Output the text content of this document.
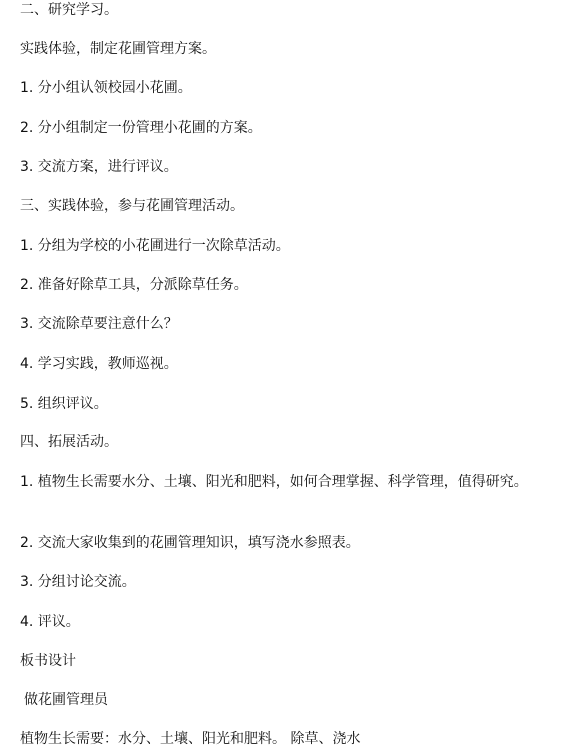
二、研究学习。
实践体验，制定花圃管理方案。
1. 分小组认领校园小花圃。
2. 分小组制定一份管理小花圃的方案。
3. 交流方案，进行评议。
三、实践体验，参与花圃管理活动。
1. 分组为学校的小花圃进行一次除草活动。
2. 准备好除草工具，分派除草任务。
3. 交流除草要注意什么？
4. 学习实践，教师巡视。
5. 组织评议。
四、拓展活动。
1. 植物生长需要水分、土壤、阳光和肥料，如何合理掌握、科学管理，值得研究。
2. 交流大家收集到的花圃管理知识，填写浇水参照表。
3. 分组讨论交流。
4. 评议。
板书设计
做花圃管理员
植物生长需要：水分、土壤、阳光和肥料。 除草、浇水
